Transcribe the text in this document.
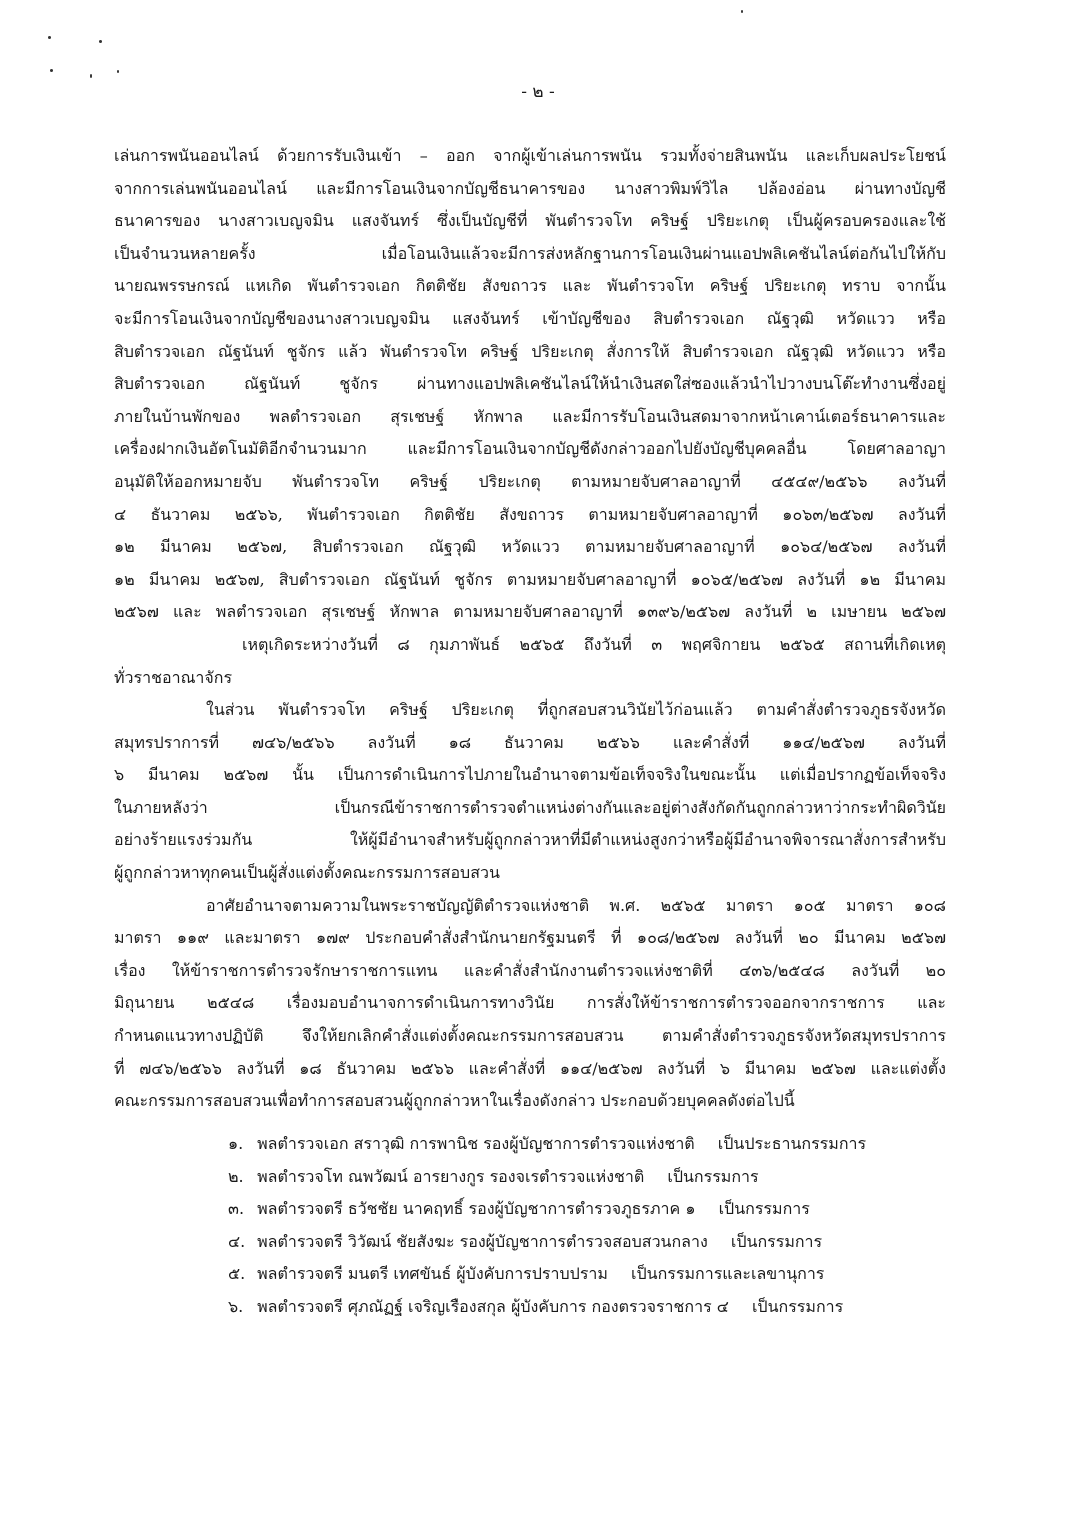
- ๒ -
เล่นการพนันออนไลน์ ด้วยการรับเงินเข้า – ออก จากผู้เข้าเล่นการพนัน รวมทั้งจ่ายสินพนัน และเก็บผลประโยชน์
จากการเล่นพนันออนไลน์ และมีการโอนเงินจากบัญชีธนาคารของ นางสาวพิมพ์วิไล ปล้องอ่อน ผ่านทางบัญชี
ธนาคารของ นางสาวเบญจมิน แสงจันทร์ ซึ่งเป็นบัญชีที่ พันตำรวจโท คริษฐ์ ปริยะเกตุ เป็นผู้ครอบครองและใช้
เป็นจำนวนหลายครั้ง เมื่อโอนเงินแล้วจะมีการส่งหลักฐานการโอนเงินผ่านแอปพลิเคชันไลน์ต่อกันไปให้กับ
นายณพรรษกรณ์ แหเกิด พันตำรวจเอก กิตติชัย สังขถาวร และ พันตำรวจโท คริษฐ์ ปริยะเกตุ ทราบ จากนั้น
จะมีการโอนเงินจากบัญชีของนางสาวเบญจมิน แสงจันทร์ เข้าบัญชีของ สิบตำรวจเอก ณัฐวุฒิ หวัดแวว หรือ
สิบตำรวจเอก ณัฐนันท์ ชูจักร แล้ว พันตำรวจโท คริษฐ์ ปริยะเกตุ สั่งการให้ สิบตำรวจเอก ณัฐวุฒิ หวัดแวว หรือ
สิบตำรวจเอก ณัฐนันท์ ชูจักร ผ่านทางแอปพลิเคชันไลน์ให้นำเงินสดใส่ซองแล้วนำไปวางบนโต๊ะทำงานซึ่งอยู่
ภายในบ้านพักของ พลตำรวจเอก สุรเชษฐ์ หักพาล และมีการรับโอนเงินสดมาจากหน้าเคาน์เตอร์ธนาคารและ
เครื่องฝากเงินอัตโนมัติอีกจำนวนมาก และมีการโอนเงินจากบัญชีดังกล่าวออกไปยังบัญชีบุคคลอื่น โดยศาลอาญา
อนุมัติให้ออกหมายจับ พันตำรวจโท คริษฐ์ ปริยะเกตุ ตามหมายจับศาลอาญาที่ ๔๕๔๙/๒๕๖๖ ลงวันที่
๔ ธันวาคม ๒๕๖๖, พันตำรวจเอก กิตติชัย สังขถาวร ตามหมายจับศาลอาญาที่ ๑๐๖๓/๒๕๖๗ ลงวันที่
๑๒ มีนาคม ๒๕๖๗, สิบตำรวจเอก ณัฐวุฒิ หวัดแวว ตามหมายจับศาลอาญาที่ ๑๐๖๔/๒๕๖๗ ลงวันที่
๑๒ มีนาคม ๒๕๖๗, สิบตำรวจเอก ณัฐนันท์ ชูจักร ตามหมายจับศาลอาญาที่ ๑๐๖๕/๒๕๖๗ ลงวันที่ ๑๒ มีนาคม
๒๕๖๗ และ พลตำรวจเอก สุรเชษฐ์ หักพาล ตามหมายจับศาลอาญาที่ ๑๓๙๖/๒๕๖๗ ลงวันที่ ๒ เมษายน ๒๕๖๗
เหตุเกิดระหว่างวันที่ ๘ กุมภาพันธ์ ๒๕๖๕ ถึงวันที่ ๓ พฤศจิกายน ๒๕๖๕ สถานที่เกิดเหตุ
ทั่วราชอาณาจักร
ในส่วน พันตำรวจโท คริษฐ์ ปริยะเกตุ ที่ถูกสอบสวนวินัยไว้ก่อนแล้ว ตามคำสั่งตำรวจภูธรจังหวัด
สมุทรปราการที่ ๗๔๖/๒๕๖๖ ลงวันที่ ๑๘ ธันวาคม ๒๕๖๖ และคำสั่งที่ ๑๑๔/๒๕๖๗ ลงวันที่
๖ มีนาคม ๒๕๖๗ นั้น เป็นการดำเนินการไปภายในอำนาจตามข้อเท็จจริงในขณะนั้น แต่เมื่อปรากฏข้อเท็จจริง
ในภายหลังว่า เป็นกรณีข้าราชการตำรวจตำแหน่งต่างกันและอยู่ต่างสังกัดกันถูกกล่าวหาว่ากระทำผิดวินัย
อย่างร้ายแรงร่วมกัน ให้ผู้มีอำนาจสำหรับผู้ถูกกล่าวหาที่มีตำแหน่งสูงกว่าหรือผู้มีอำนาจพิจารณาสั่งการสำหรับ
ผู้ถูกกล่าวหาทุกคนเป็นผู้สั่งแต่งตั้งคณะกรรมการสอบสวน
อาศัยอำนาจตามความในพระราชบัญญัติตำรวจแห่งชาติ พ.ศ. ๒๕๖๕ มาตรา ๑๐๕ มาตรา ๑๐๘
มาตรา ๑๑๙ และมาตรา ๑๗๙ ประกอบคำสั่งสำนักนายกรัฐมนตรี ที่ ๑๐๘/๒๕๖๗ ลงวันที่ ๒๐ มีนาคม ๒๕๖๗
เรื่อง ให้ข้าราชการตำรวจรักษาราชการแทน และคำสั่งสำนักงานตำรวจแห่งชาติที่ ๔๓๖/๒๕๔๘ ลงวันที่ ๒๐
มิถุนายน ๒๕๔๘ เรื่องมอบอำนาจการดำเนินการทางวินัย การสั่งให้ข้าราชการตำรวจออกจากราชการ และ
กำหนดแนวทางปฏิบัติ จึงให้ยกเลิกคำสั่งแต่งตั้งคณะกรรมการสอบสวน ตามคำสั่งตำรวจภูธรจังหวัดสมุทรปราการ
ที่ ๗๔๖/๒๕๖๖ ลงวันที่ ๑๘ ธันวาคม ๒๕๖๖ และคำสั่งที่ ๑๑๔/๒๕๖๗ ลงวันที่ ๖ มีนาคม ๒๕๖๗ และแต่งตั้ง
คณะกรรมการสอบสวนเพื่อทำการสอบสวนผู้ถูกกล่าวหาในเรื่องดังกล่าว ประกอบด้วยบุคคลดังต่อไปนี้
๑. พลตำรวจเอก สราวุฒิ การพานิช รองผู้บัญชาการตำรวจแห่งชาติ เป็นประธานกรรมการ
๒. พลตำรวจโท ณพวัฒน์ อารยางกูร รองจเรตำรวจแห่งชาติ เป็นกรรมการ
๓. พลตำรวจตรี ธวัชชัย นาคฤทธิ์ รองผู้บัญชาการตำรวจภูธรภาค ๑ เป็นกรรมการ
๔. พลตำรวจตรี วิวัฒน์ ชัยสังฆะ รองผู้บัญชาการตำรวจสอบสวนกลาง เป็นกรรมการ
๕. พลตำรวจตรี มนตรี เทศขันธ์ ผู้บังคับการปราบปราม เป็นกรรมการและเลขานุการ
๖. พลตำรวจตรี ศุภณัฏฐ์ เจริญเรืองสกุล ผู้บังคับการ กองตรวจราชการ ๔ เป็นกรรมการ
